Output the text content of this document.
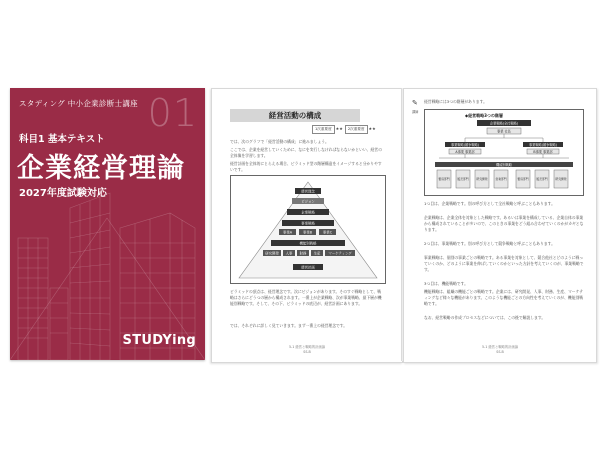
スタディング 中小企業診断士講座 01
科目1 基本テキスト
企業経営理論
2027年度試験対応
STUDYing
経営活動の構成
1次重要度 ★★ 2次重要度 ★★
では、次のグラフで「経営活動の構成」に進みましょう。
ここでは、企業を経営していくために、なにを実行しなければならないかといい、経営の全体像を学習します。
経営計画を全体的にとらえる場合、ピラミッド型の階層構造をイメージすると分かりやすいです。
経営理念
ビジョン
企業戦略
事業戦略
事業A	事業B	事業C
機能別戦略
研究開発 人事 財務 生産 マーケティング
経営計画
ピラミッドの頂点は、経営理念です。次にビジョンがあります。そのすぐ戦略として、戦略はさらにどうつの層から構成されます。一番上が企業戦略、次が事業戦略、最下層が機能別戦略です。そして、その下、ピラミッドの底辺が、経営計画にあります。
では、それぞれに詳しく見ていきます。まず一番上の経営理念です。
5-1 経営と戦略的計画論
SS-B
✎
講師
経営戦略には3つの階層があります。
◆経営戦略3つの階層
企業戦略(全社戦略)
事業 社長
事業戦略(競争戦略)	事業戦略(競争戦略)
A事業 事業部	B事業 事業部
機能別戦略
製造部門	販売部門	研究開発	営業部門	製造部門	販売部門	研究開発
1つ目は、企業戦略です。別の呼び方として全社戦略と呼ぶこともあります。
企業戦略は、企業全体を対象とした戦略です。あるいは事業を構成している、企業自体の事業から構成されていることが多いので、このときの事業をどう組み合わせていくのかがカギとなります。
2つ目は、事業戦略です。別の呼び方として競争戦略と呼ぶこともあります。
事業戦略は、個別の事業ごとの戦略です。ある事業を対象として、競合他社とどのように戦っていくのか、どのように事業を伸ばしていくのかといった方針を考えていくのが、事業戦略です。
3つ目は、機能戦略です。
機能戦略は、組織の機能ごとの戦略です。企業には、研究開発、人事、財務、生産、マーケティングなど様々な機能があります。このような機能ごとの方向性を考えていくのが、機能別戦略です。
なお、経営戦略の作成プロセスなどについては、この後で解説します。
5-1 経営と戦略的計画論
SS-B
